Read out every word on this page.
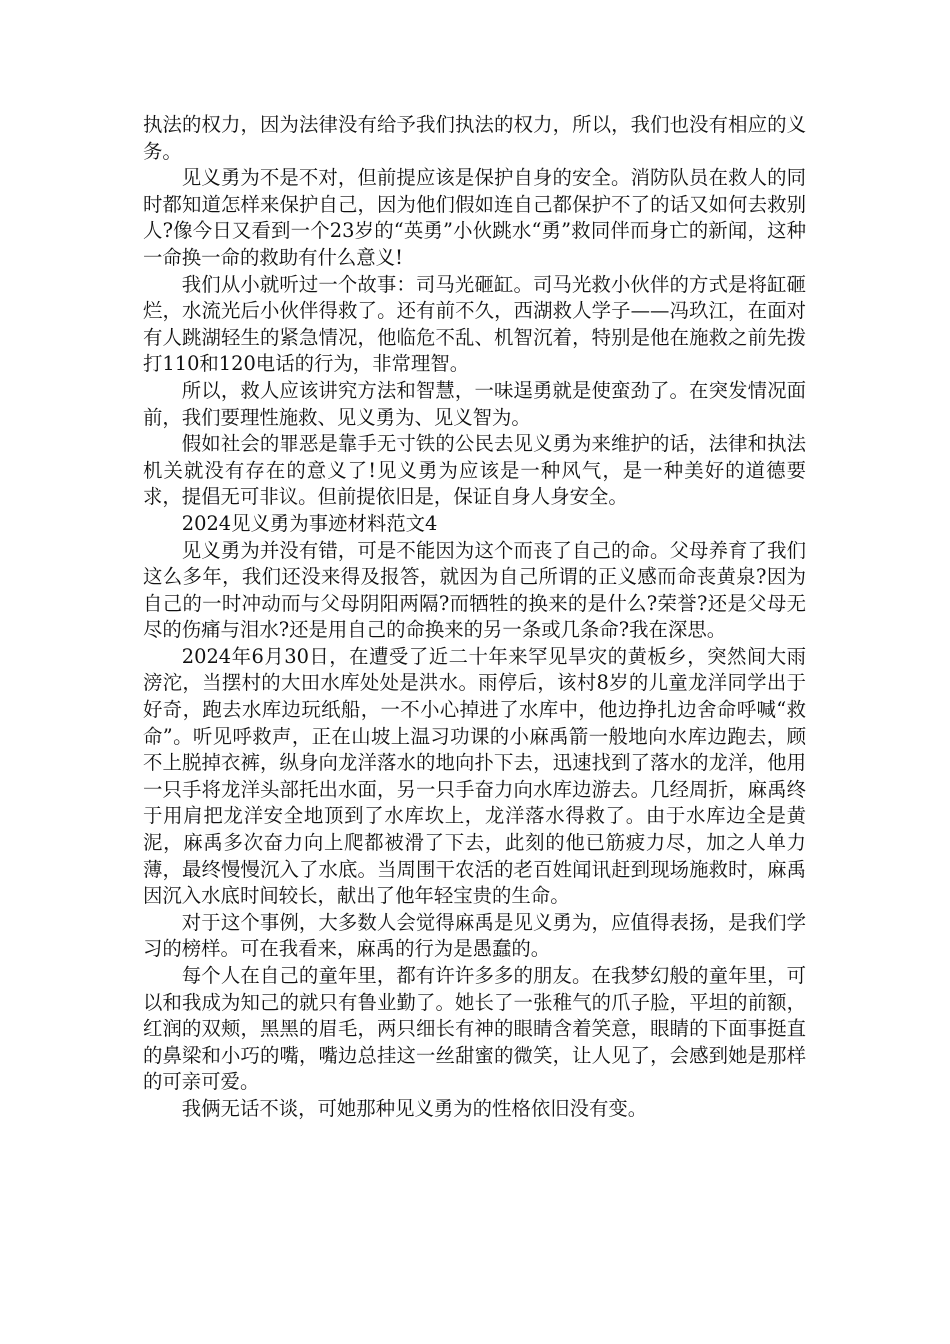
执法的权力，因为法律没有给予我们执法的权力，所以，我们也没有相应的义务。

见义勇为不是不对，但前提应该是保护自身的安全。消防队员在救人的同时都知道怎样来保护自己，因为他们假如连自己都保护不了的话又如何去救别人?像今日又看到一个23岁的“英勇”小伙跳水“勇”救同伴而身亡的新闻，这种一命换一命的救助有什么意义!

我们从小就听过一个故事：司马光砸缸。司马光救小伙伴的方式是将缸砸烂，水流光后小伙伴得救了。还有前不久，西湖救人学子——冯玖江，在面对有人跳湖轻生的紧急情况，他临危不乱、机智沉着，特别是他在施救之前先拨打110和120电话的行为，非常理智。

所以，救人应该讲究方法和智慧，一味逞勇就是使蛮劲了。在突发情况面前，我们要理性施救、见义勇为、见义智为。

假如社会的罪恶是靠手无寸铁的公民去见义勇为来维护的话，法律和执法机关就没有存在的意义了!见义勇为应该是一种风气，是一种美好的道德要求，提倡无可非议。但前提依旧是，保证自身人身安全。

2024见义勇为事迹材料范文4

见义勇为并没有错，可是不能因为这个而丧了自己的命。父母养育了我们这么多年，我们还没来得及报答，就因为自己所谓的正义感而命丧黄泉?因为自己的一时冲动而与父母阴阳两隔?而牺牲的换来的是什么?荣誉?还是父母无尽的伤痛与泪水?还是用自己的命换来的另一条或几条命?我在深思。

2024年6月30日，在遭受了近二十年来罕见旱灾的黄板乡，突然间大雨滂沱，当摆村的大田水库处处是洪水。雨停后，该村8岁的儿童龙洋同学出于好奇，跑去水库边玩纸船，一不小心掉进了水库中，他边挣扎边舍命呼喊“救命”。听见呼救声，正在山坡上温习功课的小麻禹箭一般地向水库边跑去，顾不上脱掉衣裤，纵身向龙洋落水的地向扑下去，迅速找到了落水的龙洋，他用一只手将龙洋头部托出水面，另一只手奋力向水库边游去。几经周折，麻禹终于用肩把龙洋安全地顶到了水库坎上，龙洋落水得救了。由于水库边全是黄泥，麻禹多次奋力向上爬都被滑了下去，此刻的他已筋疲力尽，加之人单力薄，最终慢慢沉入了水底。当周围干农活的老百姓闻讯赶到现场施救时，麻禹因沉入水底时间较长，献出了他年轻宝贵的生命。

对于这个事例，大多数人会觉得麻禹是见义勇为，应值得表扬，是我们学习的榜样。可在我看来，麻禹的行为是愚蠢的。

每个人在自己的童年里，都有许许多多的朋友。在我梦幻般的童年里，可以和我成为知己的就只有鲁业勤了。她长了一张稚气的爪子脸，平坦的前额，红润的双颊，黑黑的眉毛，两只细长有神的眼睛含着笑意，眼睛的下面事挺直的鼻梁和小巧的嘴，嘴边总挂这一丝甜蜜的微笑，让人见了，会感到她是那样的可亲可爱。

我俩无话不谈，可她那种见义勇为的性格依旧没有变。
